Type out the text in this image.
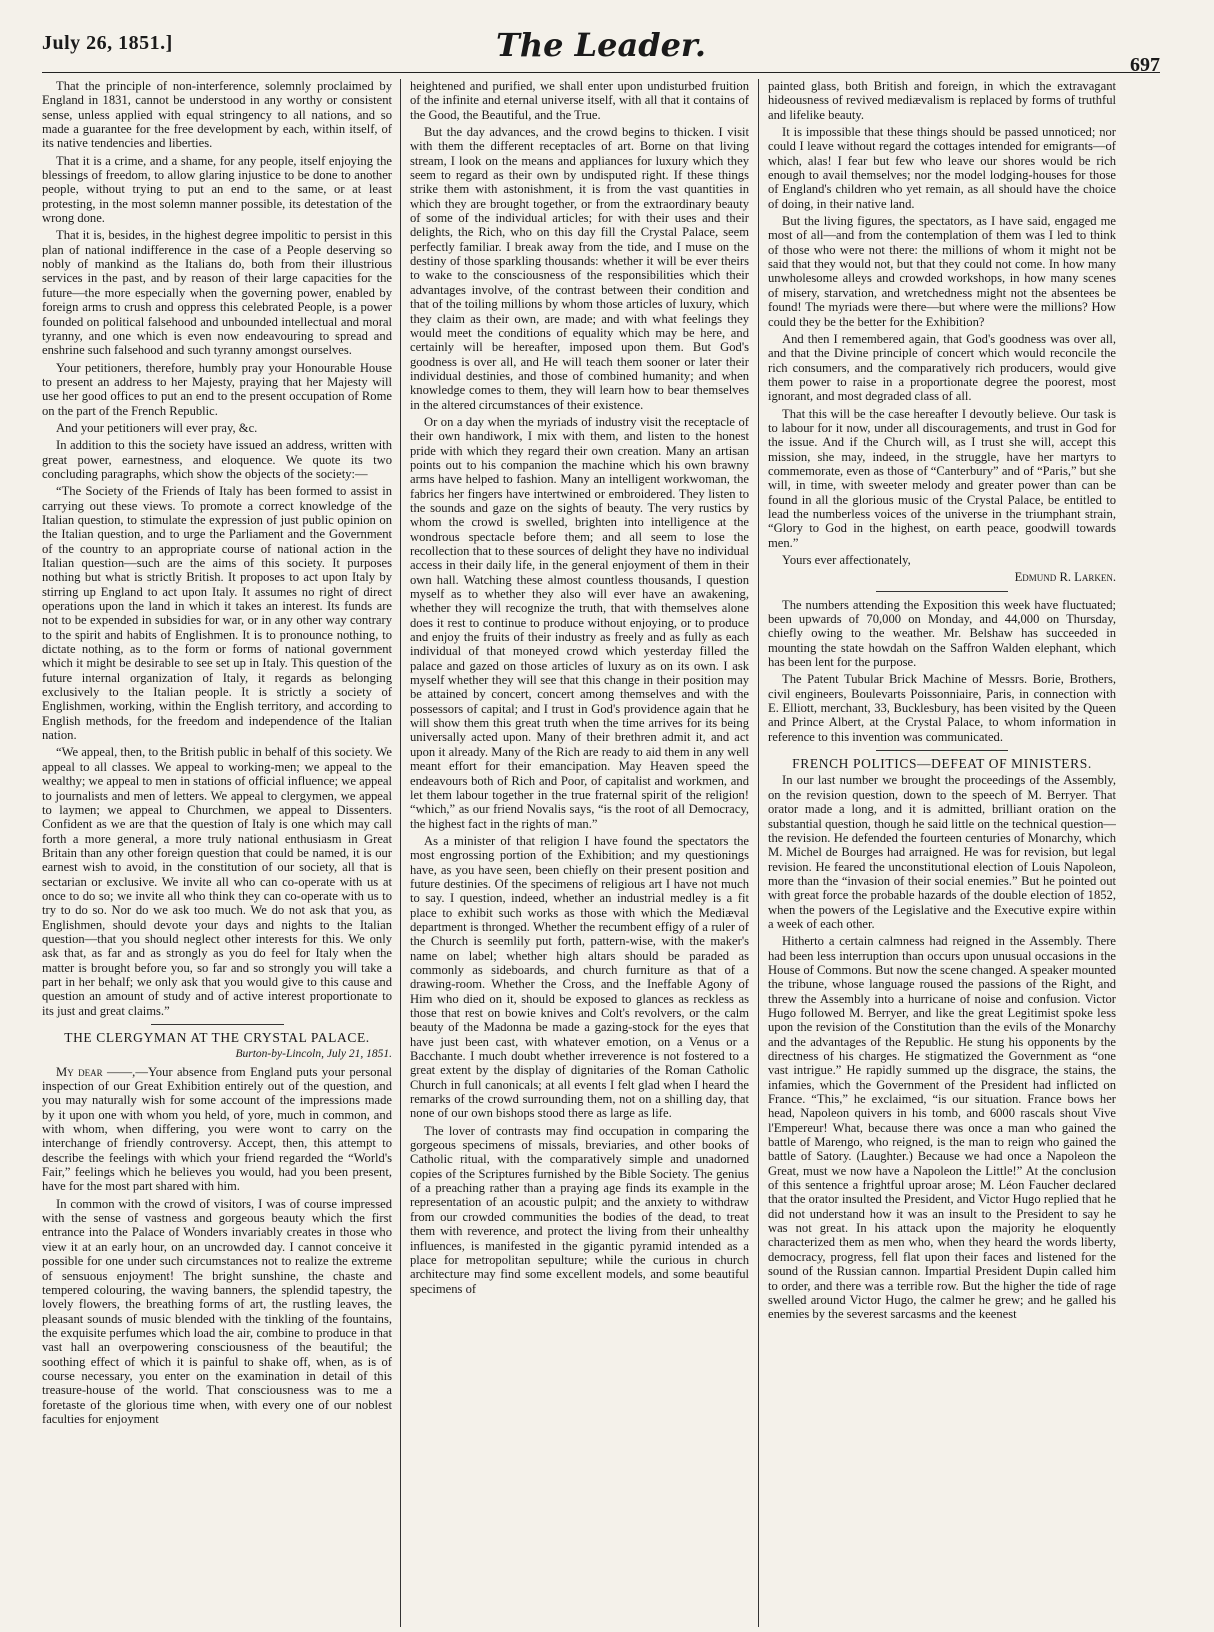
July 26, 1851.]	The Leader.
697

That the principle of non-interference, solemnly proclaimed by England in 1831, cannot be understood in any worthy or consistent sense, unless applied with equal stringency to all nations, and so made a guarantee for the free development by each, within itself, of its native tendencies and liberties.

That it is a crime, and a shame, for any people, itself enjoying the blessings of freedom, to allow glaring injustice to be done to another people, without trying to put an end to the same, or at least protesting, in the most solemn manner possible, its detestation of the wrong done.

That it is, besides, in the highest degree impolitic to persist in this plan of national indifference in the case of a People deserving so nobly of mankind as the Italians do, both from their illustrious services in the past, and by reason of their large capacities for the future—the more especially when the governing power, enabled by foreign arms to crush and oppress this celebrated People, is a power founded on political falsehood and unbounded intellectual and moral tyranny, and one which is even now endeavouring to spread and enshrine such falsehood and such tyranny amongst ourselves.

Your petitioners, therefore, humbly pray your Honourable House to present an address to her Majesty, praying that her Majesty will use her good offices to put an end to the present occupation of Rome on the part of the French Republic.

And your petitioners will ever pray, &c.

In addition to this the society have issued an address, written with great power, earnestness, and eloquence. We quote its two concluding paragraphs, which show the objects of the society:—

“The Society of the Friends of Italy has been formed to assist in carrying out these views. To promote a correct knowledge of the Italian question, to stimulate the expression of just public opinion on the Italian question, and to urge the Parliament and the Government of the country to an appropriate course of national action in the Italian question—such are the aims of this society. It purposes nothing but what is strictly British. It proposes to act upon Italy by stirring up England to act upon Italy. It assumes no right of direct operations upon the land in which it takes an interest. Its funds are not to be expended in subsidies for war, or in any other way contrary to the spirit and habits of Englishmen. It is to pronounce nothing, to dictate nothing, as to the form or forms of national government which it might be desirable to see set up in Italy. This question of the future internal organization of Italy, it regards as belonging exclusively to the Italian people. It is strictly a society of Englishmen, working, within the English territory, and according to English methods, for the freedom and independence of the Italian nation.

“We appeal, then, to the British public in behalf of this society. We appeal to all classes. We appeal to working-men; we appeal to the wealthy; we appeal to men in stations of official influence; we appeal to journalists and men of letters. We appeal to clergymen, we appeal to laymen; we appeal to Churchmen, we appeal to Dissenters. Confident as we are that the question of Italy is one which may call forth a more general, a more truly national enthusiasm in Great Britain than any other foreign question that could be named, it is our earnest wish to avoid, in the constitution of our society, all that is sectarian or exclusive. We invite all who can co-operate with us at once to do so; we invite all who think they can co-operate with us to try to do so. Nor do we ask too much. We do not ask that you, as Englishmen, should devote your days and nights to the Italian question—that you should neglect other interests for this. We only ask that, as far and as strongly as you do feel for Italy when the matter is brought before you, so far and so strongly you will take a part in her behalf; we only ask that you would give to this cause and question an amount of study and of active interest proportionate to its just and great claims.”

THE CLERGYMAN AT THE CRYSTAL PALACE.

Burton-by-Lincoln, July 21, 1851.

My dear ——,—Your absence from England puts your personal inspection of our Great Exhibition entirely out of the question, and you may naturally wish for some account of the impressions made by it upon one with whom you held, of yore, much in common, and with whom, when differing, you were wont to carry on the interchange of friendly controversy. Accept, then, this attempt to describe the feelings with which your friend regarded the “World's Fair,” feelings which he believes you would, had you been present, have for the most part shared with him.

In common with the crowd of visitors, I was of course impressed with the sense of vastness and gorgeous beauty which the first entrance into the Palace of Wonders invariably creates in those who view it at an early hour, on an uncrowded day. I cannot conceive it possible for one under such circumstances not to realize the extreme of sensuous enjoyment! The bright sunshine, the chaste and tempered colouring, the waving banners, the splendid tapestry, the lovely flowers, the breathing forms of art, the rustling leaves, the pleasant sounds of music blended with the tinkling of the fountains, the exquisite perfumes which load the air, combine to produce in that vast hall an overpowering consciousness of the beautiful; the soothing effect of which it is painful to shake off, when, as is of course necessary, you enter on the examination in detail of this treasure-house of the world. That consciousness was to me a foretaste of the glorious time when, with every one of our noblest faculties for enjoyment

heightened and purified, we shall enter upon undisturbed fruition of the infinite and eternal universe itself, with all that it contains of the Good, the Beautiful, and the True.

But the day advances, and the crowd begins to thicken. I visit with them the different receptacles of art. Borne on that living stream, I look on the means and appliances for luxury which they seem to regard as their own by undisputed right. If these things strike them with astonishment, it is from the vast quantities in which they are brought together, or from the extraordinary beauty of some of the individual articles; for with their uses and their delights, the Rich, who on this day fill the Crystal Palace, seem perfectly familiar. I break away from the tide, and I muse on the destiny of those sparkling thousands: whether it will be ever theirs to wake to the consciousness of the responsibilities which their advantages involve, of the contrast between their condition and that of the toiling millions by whom those articles of luxury, which they claim as their own, are made; and with what feelings they would meet the conditions of equality which may be here, and certainly will be hereafter, imposed upon them. But God's goodness is over all, and He will teach them sooner or later their individual destinies, and those of combined humanity; and when knowledge comes to them, they will learn how to bear themselves in the altered circumstances of their existence.

Or on a day when the myriads of industry visit the receptacle of their own handiwork, I mix with them, and listen to the honest pride with which they regard their own creation. Many an artisan points out to his companion the machine which his own brawny arms have helped to fashion. Many an intelligent workwoman, the fabrics her fingers have intertwined or embroidered. They listen to the sounds and gaze on the sights of beauty. The very rustics by whom the crowd is swelled, brighten into intelligence at the wondrous spectacle before them; and all seem to lose the recollection that to these sources of delight they have no individual access in their daily life, in the general enjoyment of them in their own hall. Watching these almost countless thousands, I question myself as to whether they also will ever have an awakening, whether they will recognize the truth, that with themselves alone does it rest to continue to produce without enjoying, or to produce and enjoy the fruits of their industry as freely and as fully as each individual of that moneyed crowd which yesterday filled the palace and gazed on those articles of luxury as on its own. I ask myself whether they will see that this change in their position may be attained by concert, concert among themselves and with the possessors of capital; and I trust in God's providence again that he will show them this great truth when the time arrives for its being universally acted upon. Many of their brethren admit it, and act upon it already. Many of the Rich are ready to aid them in any well meant effort for their emancipation. May Heaven speed the endeavours both of Rich and Poor, of capitalist and workmen, and let them labour together in the true fraternal spirit of the religion! “which,” as our friend Novalis says, “is the root of all Democracy, the highest fact in the rights of man.”

As a minister of that religion I have found the spectators the most engrossing portion of the Exhibition; and my questionings have, as you have seen, been chiefly on their present position and future destinies. Of the specimens of religious art I have not much to say. I question, indeed, whether an industrial medley is a fit place to exhibit such works as those with which the Mediæval department is thronged. Whether the recumbent effigy of a ruler of the Church is seemlily put forth, pattern-wise, with the maker's name on label; whether high altars should be paraded as commonly as sideboards, and church furniture as that of a drawing-room. Whether the Cross, and the Ineffable Agony of Him who died on it, should be exposed to glances as reckless as those that rest on bowie knives and Colt's revolvers, or the calm beauty of the Madonna be made a gazing-stock for the eyes that have just been cast, with whatever emotion, on a Venus or a Bacchante. I much doubt whether irreverence is not fostered to a great extent by the display of dignitaries of the Roman Catholic Church in full canonicals; at all events I felt glad when I heard the remarks of the crowd surrounding them, not on a shilling day, that none of our own bishops stood there as large as life.

The lover of contrasts may find occupation in comparing the gorgeous specimens of missals, breviaries, and other books of Catholic ritual, with the comparatively simple and unadorned copies of the Scriptures furnished by the Bible Society. The genius of a preaching rather than a praying age finds its example in the representation of an acoustic pulpit; and the anxiety to withdraw from our crowded communities the bodies of the dead, to treat them with reverence, and protect the living from their unhealthy influences, is manifested in the gigantic pyramid intended as a place for metropolitan sepulture; while the curious in church architecture may find some excellent models, and some beautiful specimens of

painted glass, both British and foreign, in which the extravagant hideousness of revived mediævalism is replaced by forms of truthful and lifelike beauty.

It is impossible that these things should be passed unnoticed; nor could I leave without regard the cottages intended for emigrants—of which, alas! I fear but few who leave our shores would be rich enough to avail themselves; nor the model lodging-houses for those of England's children who yet remain, as all should have the choice of doing, in their native land.

But the living figures, the spectators, as I have said, engaged me most of all—and from the contemplation of them was I led to think of those who were not there: the millions of whom it might not be said that they would not, but that they could not come. In how many unwholesome alleys and crowded workshops, in how many scenes of misery, starvation, and wretchedness might not the absentees be found! The myriads were there—but where were the millions? How could they be the better for the Exhibition?

And then I remembered again, that God's goodness was over all, and that the Divine principle of concert which would reconcile the rich consumers, and the comparatively rich producers, would give them power to raise in a proportionate degree the poorest, most ignorant, and most degraded class of all.

That this will be the case hereafter I devoutly believe. Our task is to labour for it now, under all discouragements, and trust in God for the issue. And if the Church will, as I trust she will, accept this mission, she may, indeed, in the struggle, have her martyrs to commemorate, even as those of “Canterbury” and of “Paris,” but she will, in time, with sweeter melody and greater power than can be found in all the glorious music of the Crystal Palace, be entitled to lead the numberless voices of the universe in the triumphant strain, “Glory to God in the highest, on earth peace, goodwill towards men.”

Yours ever affectionately,

Edmund R. Larken.

The numbers attending the Exposition this week have fluctuated; been upwards of 70,000 on Monday, and 44,000 on Thursday, chiefly owing to the weather. Mr. Belshaw has succeeded in mounting the state howdah on the Saffron Walden elephant, which has been lent for the purpose.

The Patent Tubular Brick Machine of Messrs. Borie, Brothers, civil engineers, Boulevarts Poissonniaire, Paris, in connection with E. Elliott, merchant, 33, Bucklesbury, has been visited by the Queen and Prince Albert, at the Crystal Palace, to whom information in reference to this invention was communicated.

FRENCH POLITICS—DEFEAT OF MINISTERS.

In our last number we brought the proceedings of the Assembly, on the revision question, down to the speech of M. Berryer. That orator made a long, and it is admitted, brilliant oration on the substantial question, though he said little on the technical question—the revision. He defended the fourteen centuries of Monarchy, which M. Michel de Bourges had arraigned. He was for revision, but legal revision. He feared the unconstitutional election of Louis Napoleon, more than the “invasion of their social enemies.” But he pointed out with great force the probable hazards of the double election of 1852, when the powers of the Legislative and the Executive expire within a week of each other.

Hitherto a certain calmness had reigned in the Assembly. There had been less interruption than occurs upon unusual occasions in the House of Commons. But now the scene changed. A speaker mounted the tribune, whose language roused the passions of the Right, and threw the Assembly into a hurricane of noise and confusion. Victor Hugo followed M. Berryer, and like the great Legitimist spoke less upon the revision of the Constitution than the evils of the Monarchy and the advantages of the Republic. He stung his opponents by the directness of his charges. He stigmatized the Government as “one vast intrigue.” He rapidly summed up the disgrace, the stains, the infamies, which the Government of the President had inflicted on France. “This,” he exclaimed, “is our situation. France bows her head, Napoleon quivers in his tomb, and 6000 rascals shout Vive l'Empereur! What, because there was once a man who gained the battle of Marengo, who reigned, is the man to reign who gained the battle of Satory. (Laughter.) Because we had once a Napoleon the Great, must we now have a Napoleon the Little!” At the conclusion of this sentence a frightful uproar arose; M. Léon Faucher declared that the orator insulted the President, and Victor Hugo replied that he did not understand how it was an insult to the President to say he was not great. In his attack upon the majority he eloquently characterized them as men who, when they heard the words liberty, democracy, progress, fell flat upon their faces and listened for the sound of the Russian cannon. Impartial President Dupin called him to order, and there was a terrible row. But the higher the tide of rage swelled around Victor Hugo, the calmer he grew; and he galled his enemies by the severest sarcasms and the keenest
